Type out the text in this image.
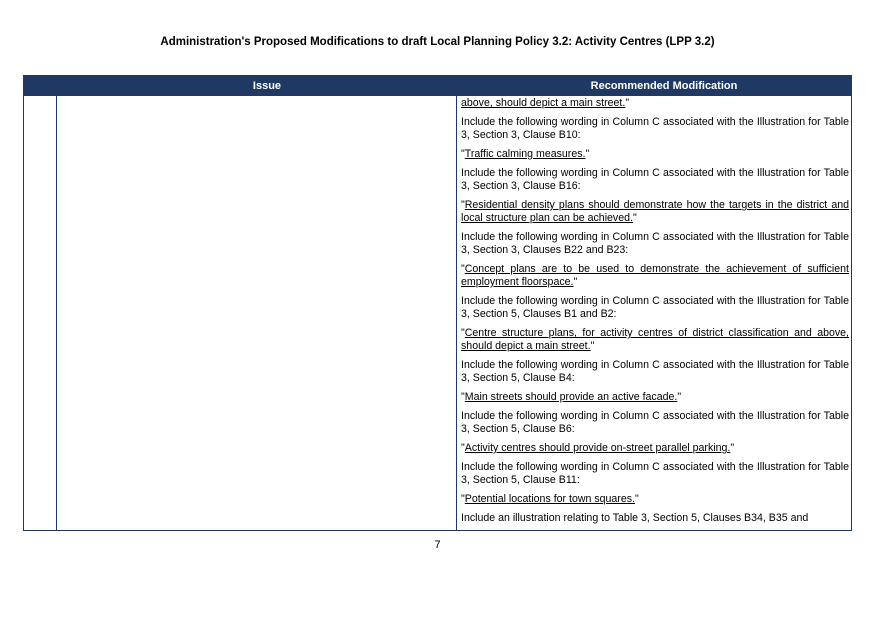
Administration's Proposed Modifications to draft Local Planning Policy 3.2: Activity Centres (LPP 3.2)
Issue	Recommended Modification

above, should depict a main street."

Include the following wording in Column C associated with the Illustration for Table 3, Section 3, Clause B10:

"Traffic calming measures."

Include the following wording in Column C associated with the Illustration for Table 3, Section 3, Clause B16:

"Residential density plans should demonstrate how the targets in the district and local structure plan can be achieved."

Include the following wording in Column C associated with the Illustration for Table 3, Section 3, Clauses B22 and B23:

"Concept plans are to be used to demonstrate the achievement of sufficient employment floorspace."

Include the following wording in Column C associated with the Illustration for Table 3, Section 5, Clauses B1 and B2:

"Centre structure plans, for activity centres of district classification and above, should depict a main street."

Include the following wording in Column C associated with the Illustration for Table 3, Section 5, Clause B4:

"Main streets should provide an active facade."

Include the following wording in Column C associated with the Illustration for Table 3, Section 5, Clause B6:

"Activity centres should provide on-street parallel parking."

Include the following wording in Column C associated with the Illustration for Table 3, Section 5, Clause B11:

"Potential locations for town squares."

Include an illustration relating to Table 3, Section 5, Clauses B34, B35 and

7
